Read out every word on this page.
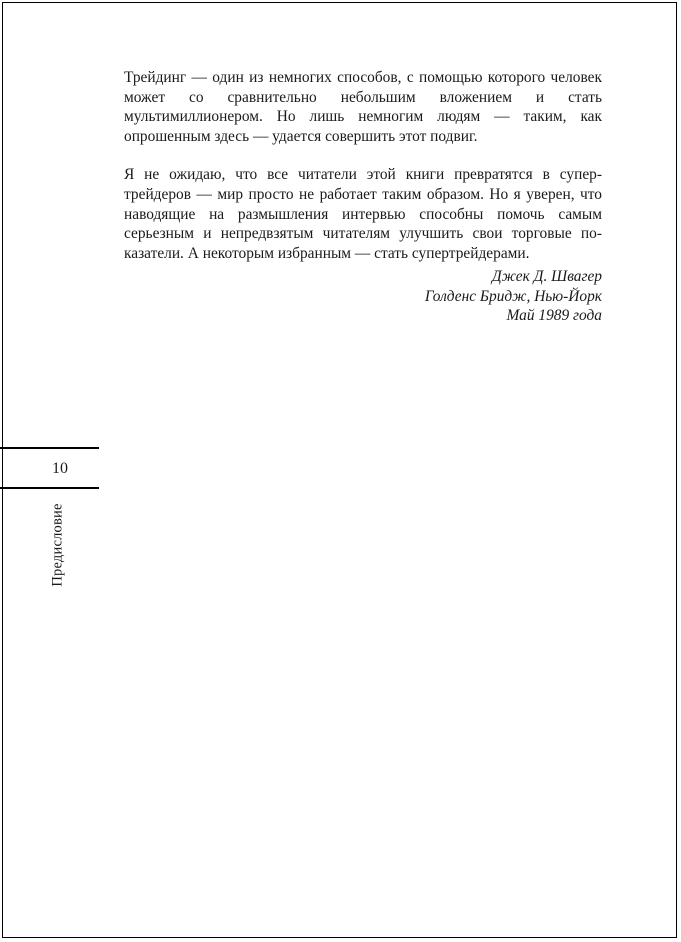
Трейдинг — один из немногих способов, с помощью которого человек может со сравнительно небольшим вложением и стать мультимиллионером. Но лишь немногим людям — таким, как опрошенным здесь — удается совершить этот подвиг.

Я не ожидаю, что все читатели этой книги превратятся в супертрейдеров — мир просто не работает таким образом. Но я уверен, что наводящие на размышления интервью способны помочь самым серьезным и непредвзятым читателям улучшить свои торговые показатели. А некоторым избранным — стать супертрейдерами.

Джек Д. Швагер
Голденс Бридж, Нью-Йорк
Май 1989 года
10
Предисловие
